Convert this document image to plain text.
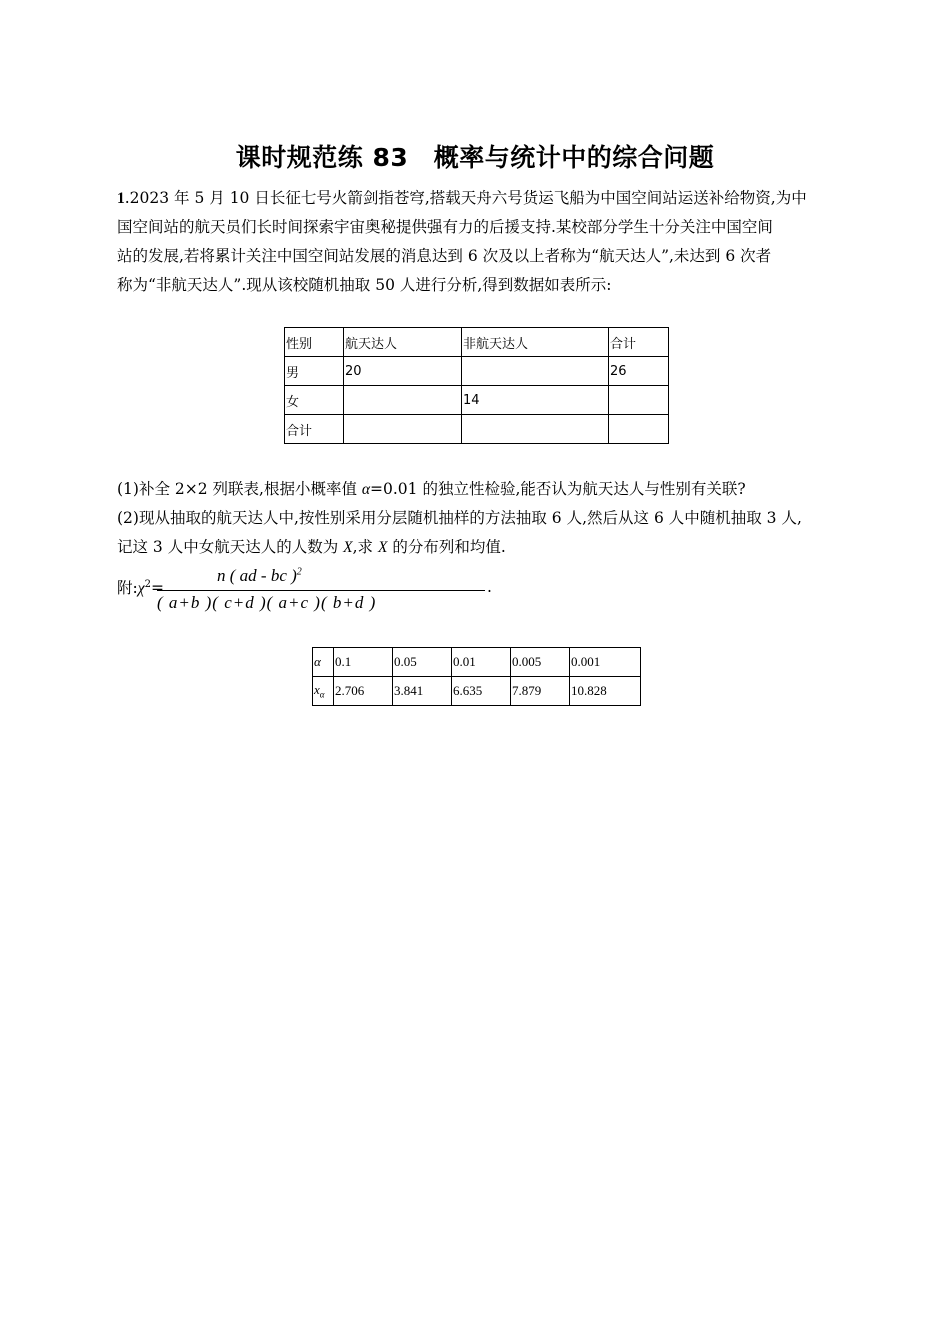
课时规范练 83　概率与统计中的综合问题

1.2023 年 5 月 10 日长征七号火箭剑指苍穹,搭载天舟六号货运飞船为中国空间站运送补给物资,为中

国空间站的航天员们长时间探索宇宙奥秘提供强有力的后援支持.某校部分学生十分关注中国空间

站的发展,若将累计关注中国空间站发展的消息达到 6 次及以上者称为“航天达人”,未达到 6 次者

称为“非航天达人”.现从该校随机抽取 50 人进行分析,得到数据如表所示:

性别	航天达人	非航天达人	合计
男	20		26
女		14	
合计			
(1)补全 2×2 列联表,根据小概率值 α=0.01 的独立性检验,能否认为航天达人与性别有关联?
(2)现从抽取的航天达人中,按性别采用分层随机抽样的方法抽取 6 人,然后从这 6 人中随机抽取 3 人,
记这 3 人中女航天达人的人数为 X,求 X 的分布列和均值.
附$:\chi^2=$
n ( ad - bc )$^2$
( a+b )( c+d )( a+c )( b+d )
.
α	0.1	0.05	0.01	0.005	0.001
$x_\alpha$	2.706	3.841	6.635	7.879	10.828
